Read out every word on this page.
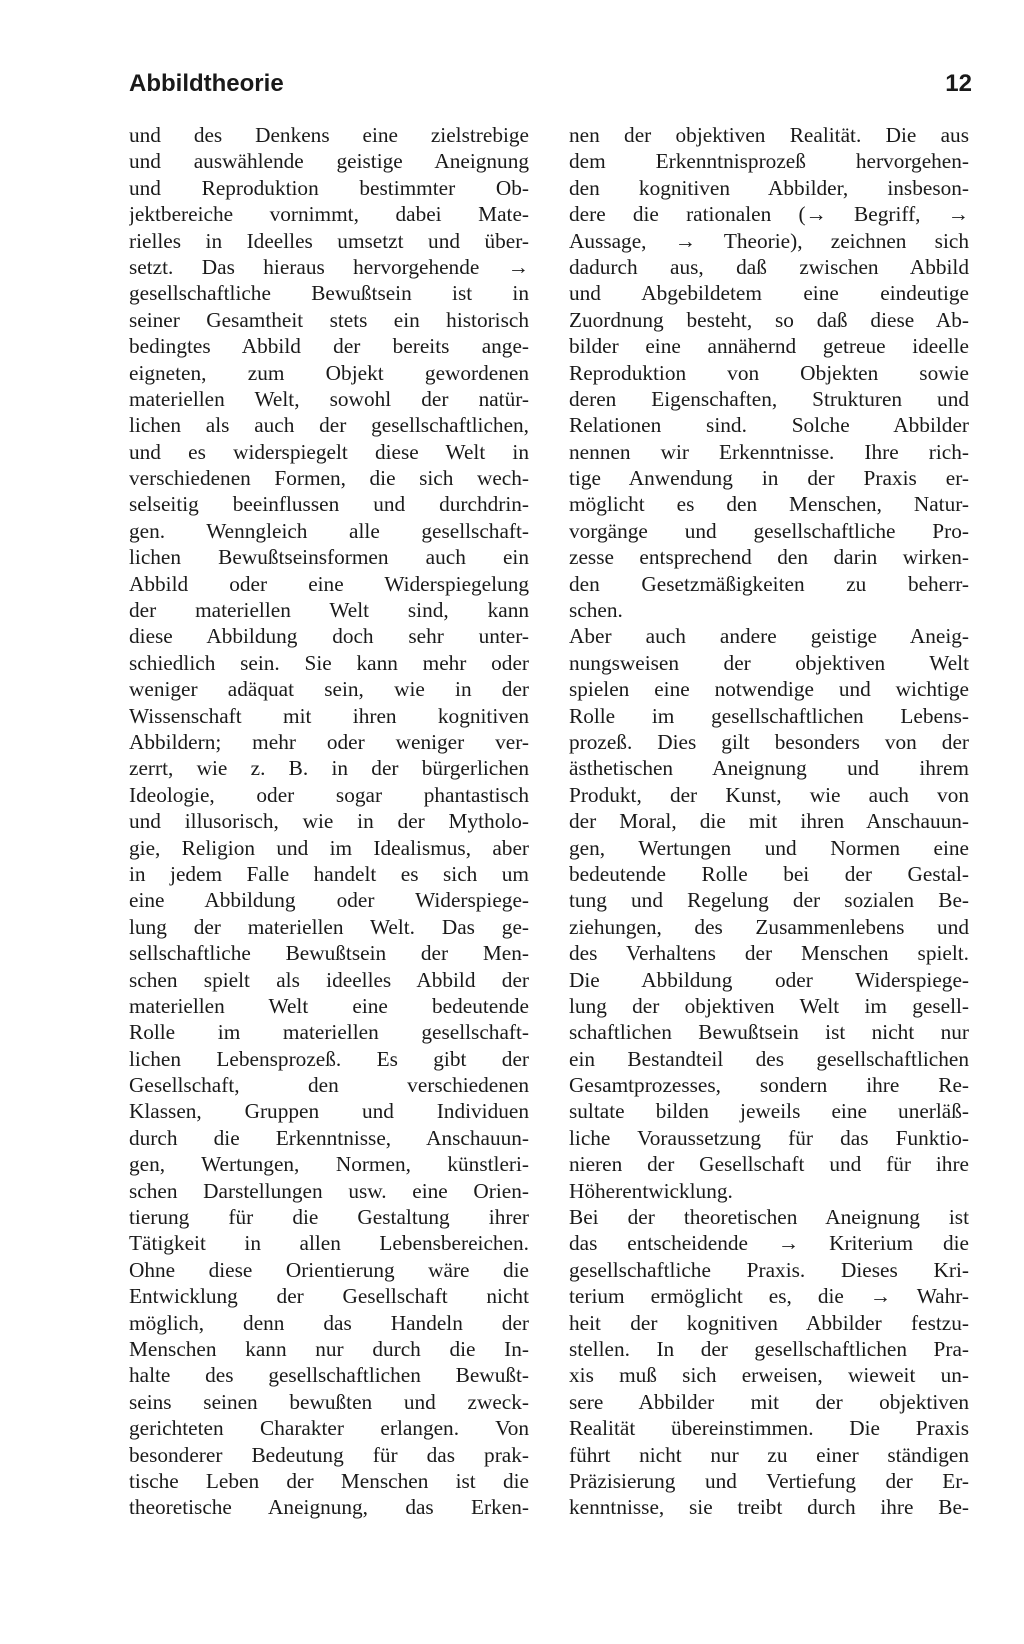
Abbildtheorie	12
und des Denkens eine zielstrebige
und auswählende geistige Aneignung
und Reproduktion bestimmter Ob-
jektbereiche vornimmt, dabei Mate-
rielles in Ideelles umsetzt und über-
setzt. Das hieraus hervorgehende →
gesellschaftliche Bewußtsein ist in
seiner Gesamtheit stets ein historisch
bedingtes Abbild der bereits ange-
eigneten, zum Objekt gewordenen
materiellen Welt, sowohl der natür-
lichen als auch der gesellschaftlichen,
und es widerspiegelt diese Welt in
verschiedenen Formen, die sich wech-
selseitig beeinflussen und durchdrin-
gen. Wenngleich alle gesellschaft-
lichen Bewußtseinsformen auch ein
Abbild oder eine Widerspiegelung
der materiellen Welt sind, kann
diese Abbildung doch sehr unter-
schiedlich sein. Sie kann mehr oder
weniger adäquat sein, wie in der
Wissenschaft mit ihren kognitiven
Abbildern; mehr oder weniger ver-
zerrt, wie z. B. in der bürgerlichen
Ideologie, oder sogar phantastisch
und illusorisch, wie in der Mytholo-
gie, Religion und im Idealismus, aber
in jedem Falle handelt es sich um
eine Abbildung oder Widerspiege-
lung der materiellen Welt. Das ge-
sellschaftliche Bewußtsein der Men-
schen spielt als ideelles Abbild der
materiellen Welt eine bedeutende
Rolle im materiellen gesellschaft-
lichen Lebensprozeß. Es gibt der
Gesellschaft, den verschiedenen
Klassen, Gruppen und Individuen
durch die Erkenntnisse, Anschauun-
gen, Wertungen, Normen, künstleri-
schen Darstellungen usw. eine Orien-
tierung für die Gestaltung ihrer
Tätigkeit in allen Lebensbereichen.
Ohne diese Orientierung wäre die
Entwicklung der Gesellschaft nicht
möglich, denn das Handeln der
Menschen kann nur durch die In-
halte des gesellschaftlichen Bewußt-
seins seinen bewußten und zweck-
gerichteten Charakter erlangen. Von
besonderer Bedeutung für das prak-
tische Leben der Menschen ist die
theoretische Aneignung, das Erken-
nen der objektiven Realität. Die aus
dem Erkenntnisprozeß hervorgehen-
den kognitiven Abbilder, insbeson-
dere die rationalen (→ Begriff, →
Aussage, → Theorie), zeichnen sich
dadurch aus, daß zwischen Abbild
und Abgebildetem eine eindeutige
Zuordnung besteht, so daß diese Ab-
bilder eine annähernd getreue ideelle
Reproduktion von Objekten sowie
deren Eigenschaften, Strukturen und
Relationen sind. Solche Abbilder
nennen wir Erkenntnisse. Ihre rich-
tige Anwendung in der Praxis er-
möglicht es den Menschen, Natur-
vorgänge und gesellschaftliche Pro-
zesse entsprechend den darin wirken-
den Gesetzmäßigkeiten zu beherr-
schen.
Aber auch andere geistige Aneig-
nungsweisen der objektiven Welt
spielen eine notwendige und wichtige
Rolle im gesellschaftlichen Lebens-
prozeß. Dies gilt besonders von der
ästhetischen Aneignung und ihrem
Produkt, der Kunst, wie auch von
der Moral, die mit ihren Anschauun-
gen, Wertungen und Normen eine
bedeutende Rolle bei der Gestal-
tung und Regelung der sozialen Be-
ziehungen, des Zusammenlebens und
des Verhaltens der Menschen spielt.
Die Abbildung oder Widerspiege-
lung der objektiven Welt im gesell-
schaftlichen Bewußtsein ist nicht nur
ein Bestandteil des gesellschaftlichen
Gesamtprozesses, sondern ihre Re-
sultate bilden jeweils eine unerläß-
liche Voraussetzung für das Funktio-
nieren der Gesellschaft und für ihre
Höherentwicklung.
Bei der theoretischen Aneignung ist
das entscheidende → Kriterium die
gesellschaftliche Praxis. Dieses Kri-
terium ermöglicht es, die → Wahr-
heit der kognitiven Abbilder festzu-
stellen. In der gesellschaftlichen Pra-
xis muß sich erweisen, wieweit un-
sere Abbilder mit der objektiven
Realität übereinstimmen. Die Praxis
führt nicht nur zu einer ständigen
Präzisierung und Vertiefung der Er-
kenntnisse, sie treibt durch ihre Be-
